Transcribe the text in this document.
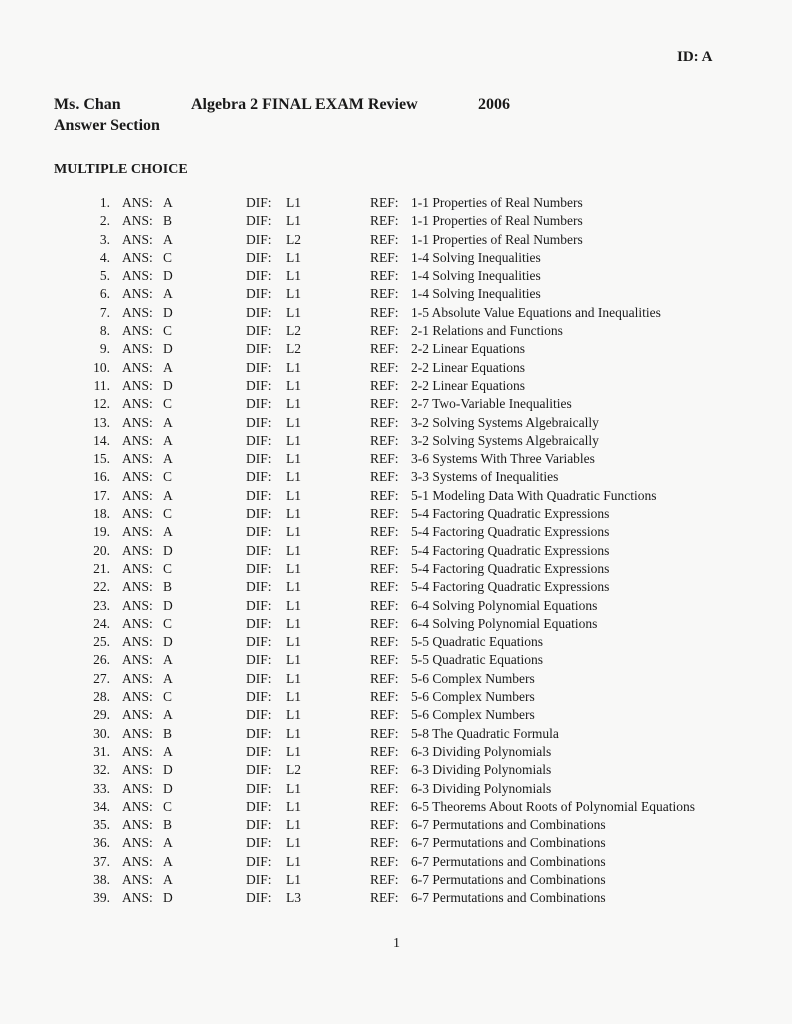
ID: A
Ms. Chan	Algebra 2 FINAL EXAM Review	2006
Answer Section
MULTIPLE CHOICE
1. ANS: A	DIF: L1	REF: 1-1 Properties of Real Numbers
2. ANS: B	DIF: L1	REF: 1-1 Properties of Real Numbers
3. ANS: A	DIF: L2	REF: 1-1 Properties of Real Numbers
4. ANS: C	DIF: L1	REF: 1-4 Solving Inequalities
5. ANS: D	DIF: L1	REF: 1-4 Solving Inequalities
6. ANS: A	DIF: L1	REF: 1-4 Solving Inequalities
7. ANS: D	DIF: L1	REF: 1-5 Absolute Value Equations and Inequalities
8. ANS: C	DIF: L2	REF: 2-1 Relations and Functions
9. ANS: D	DIF: L2	REF: 2-2 Linear Equations
10. ANS: A	DIF: L1	REF: 2-2 Linear Equations
11. ANS: D	DIF: L1	REF: 2-2 Linear Equations
12. ANS: C	DIF: L1	REF: 2-7 Two-Variable Inequalities
13. ANS: A	DIF: L1	REF: 3-2 Solving Systems Algebraically
14. ANS: A	DIF: L1	REF: 3-2 Solving Systems Algebraically
15. ANS: A	DIF: L1	REF: 3-6 Systems With Three Variables
16. ANS: C	DIF: L1	REF: 3-3 Systems of Inequalities
17. ANS: A	DIF: L1	REF: 5-1 Modeling Data With Quadratic Functions
18. ANS: C	DIF: L1	REF: 5-4 Factoring Quadratic Expressions
19. ANS: A	DIF: L1	REF: 5-4 Factoring Quadratic Expressions
20. ANS: D	DIF: L1	REF: 5-4 Factoring Quadratic Expressions
21. ANS: C	DIF: L1	REF: 5-4 Factoring Quadratic Expressions
22. ANS: B	DIF: L1	REF: 5-4 Factoring Quadratic Expressions
23. ANS: D	DIF: L1	REF: 6-4 Solving Polynomial Equations
24. ANS: C	DIF: L1	REF: 6-4 Solving Polynomial Equations
25. ANS: D	DIF: L1	REF: 5-5 Quadratic Equations
26. ANS: A	DIF: L1	REF: 5-5 Quadratic Equations
27. ANS: A	DIF: L1	REF: 5-6 Complex Numbers
28. ANS: C	DIF: L1	REF: 5-6 Complex Numbers
29. ANS: A	DIF: L1	REF: 5-6 Complex Numbers
30. ANS: B	DIF: L1	REF: 5-8 The Quadratic Formula
31. ANS: A	DIF: L1	REF: 6-3 Dividing Polynomials
32. ANS: D	DIF: L2	REF: 6-3 Dividing Polynomials
33. ANS: D	DIF: L1	REF: 6-3 Dividing Polynomials
34. ANS: C	DIF: L1	REF: 6-5 Theorems About Roots of Polynomial Equations
35. ANS: B	DIF: L1	REF: 6-7 Permutations and Combinations
36. ANS: A	DIF: L1	REF: 6-7 Permutations and Combinations
37. ANS: A	DIF: L1	REF: 6-7 Permutations and Combinations
38. ANS: A	DIF: L1	REF: 6-7 Permutations and Combinations
39. ANS: D	DIF: L3	REF: 6-7 Permutations and Combinations
1
